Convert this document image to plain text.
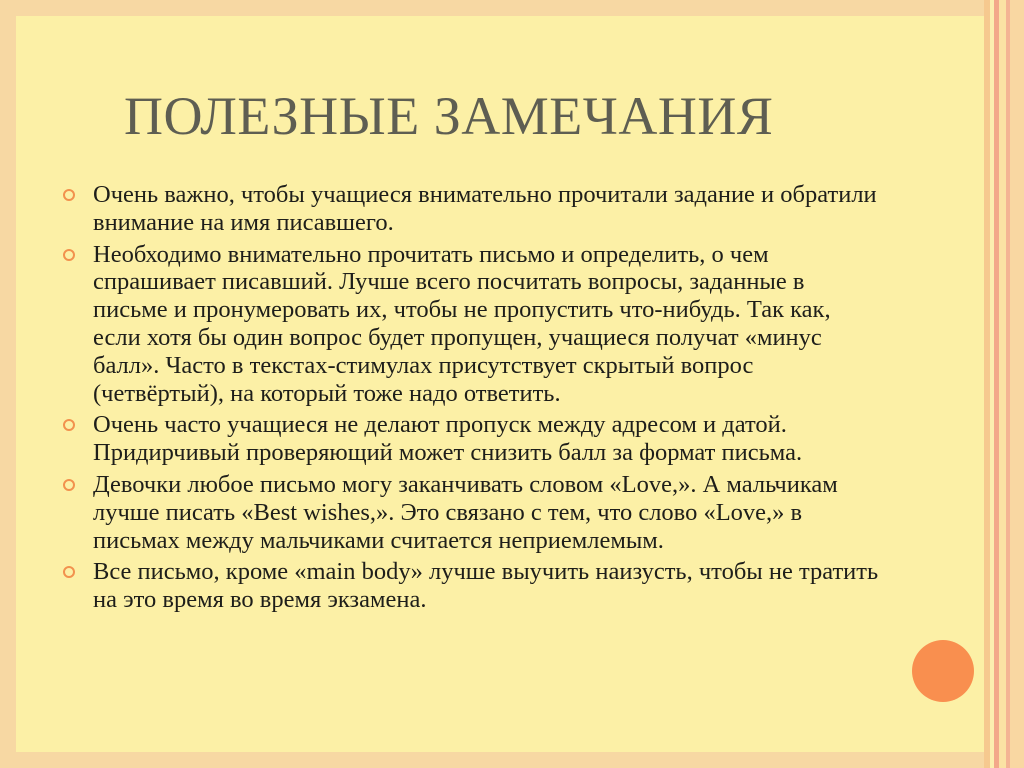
ПОЛЕЗНЫЕ ЗАМЕЧАНИЯ
Очень важно, чтобы учащиеся внимательно прочитали задание и обратили внимание на имя писавшего.
Необходимо внимательно прочитать письмо и определить, о чем спрашивает писавший. Лучше всего посчитать вопросы, заданные в письме и пронумеровать их, чтобы не пропустить что-нибудь. Так как, если хотя бы один вопрос будет пропущен, учащиеся получат «минус балл». Часто в текстах-стимулах присутствует скрытый вопрос (четвёртый), на который тоже надо ответить.
Очень часто учащиеся не делают пропуск между адресом и датой. Придирчивый проверяющий может снизить балл за формат письма.
Девочки любое письмо могу заканчивать словом «Love,». А мальчикам лучше писать «Best wishes,». Это связано с тем, что слово «Love,» в письмах между мальчиками считается неприемлемым.
Все письмо, кроме «main body» лучше выучить наизусть, чтобы не тратить на это время во время экзамена.
